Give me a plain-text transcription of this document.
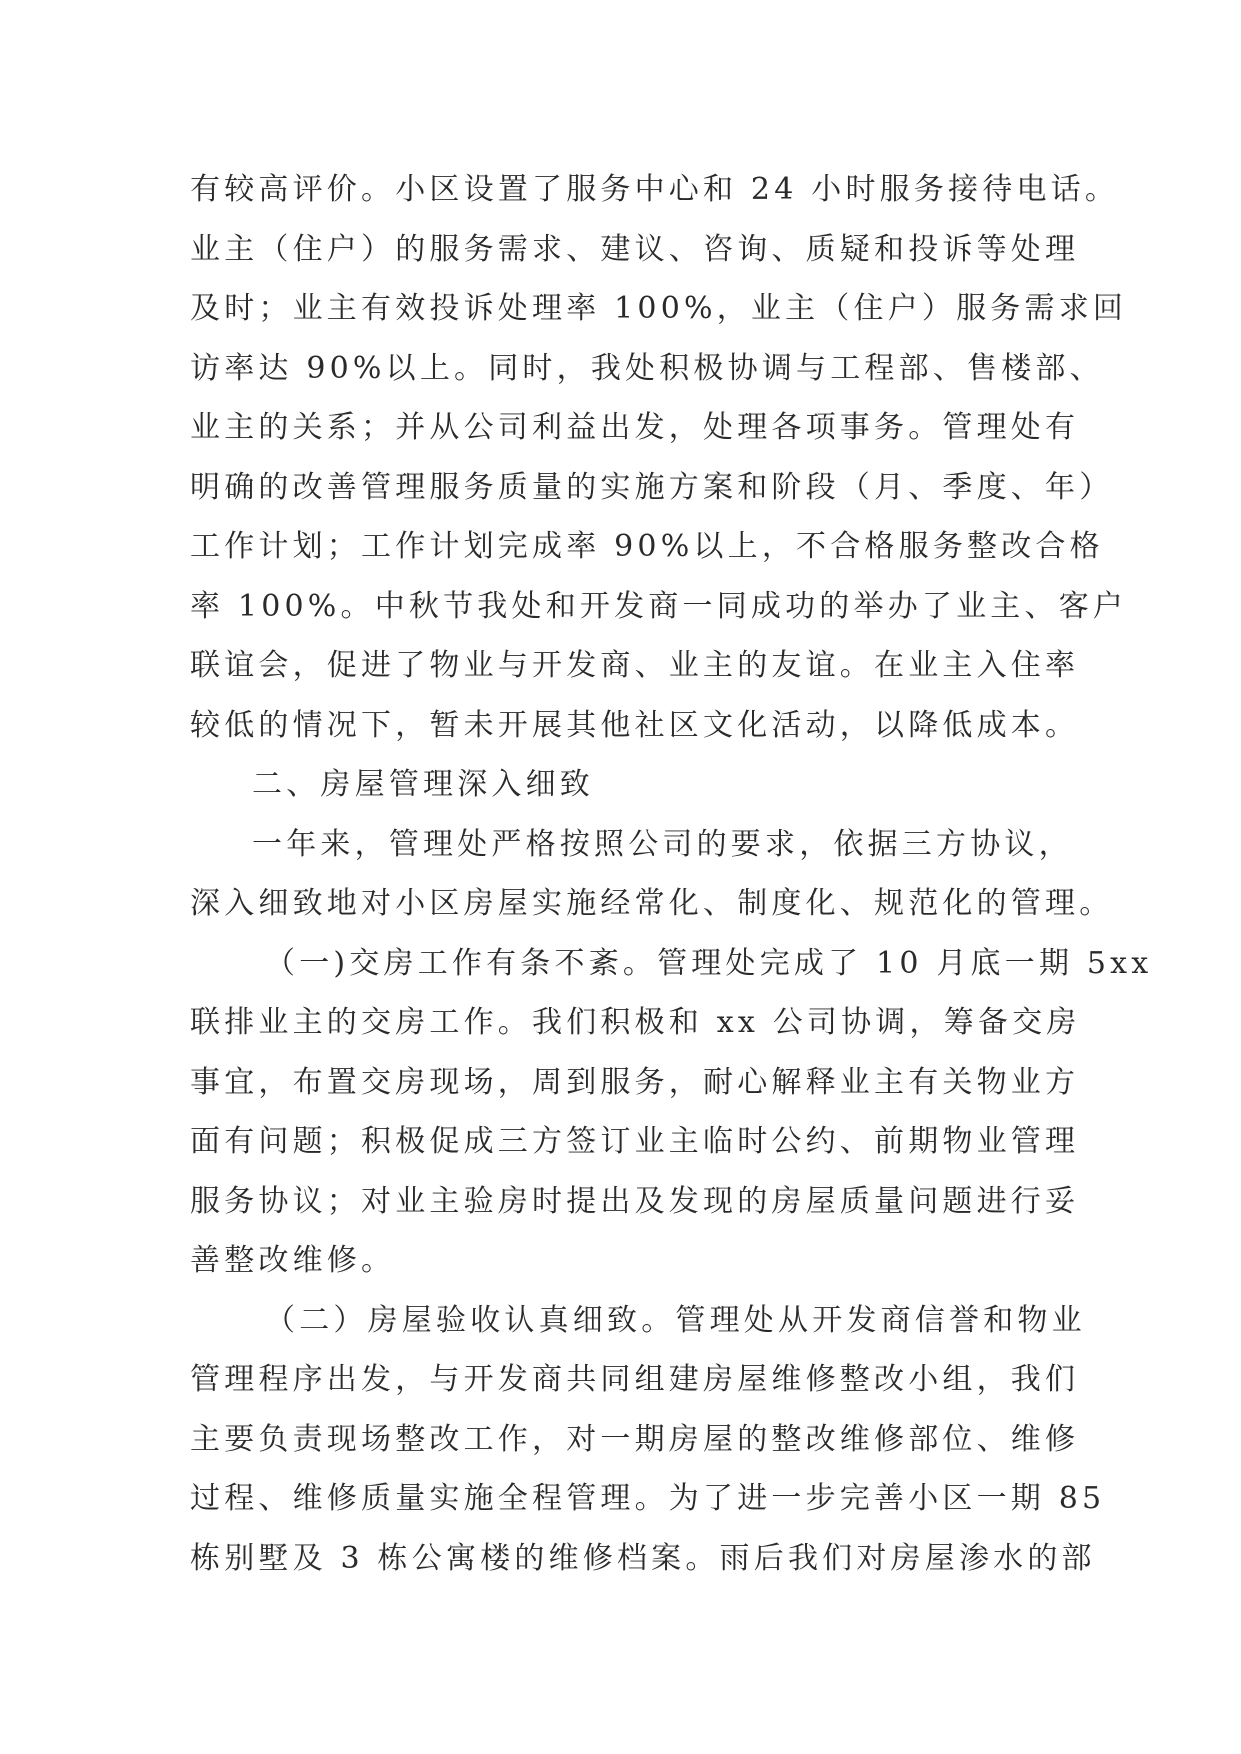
有较高评价。小区设置了服务中心和 24 小时服务接待电话。
业主（住户）的服务需求、建议、咨询、质疑和投诉等处理
及时；业主有效投诉处理率 100%，业主（住户）服务需求回
访率达 90%以上。同时，我处积极协调与工程部、售楼部、
业主的关系；并从公司利益出发，处理各项事务。管理处有
明确的改善管理服务质量的实施方案和阶段（月、季度、年）
工作计划；工作计划完成率 90%以上，不合格服务整改合格
率 100%。中秋节我处和开发商一同成功的举办了业主、客户
联谊会，促进了物业与开发商、业主的友谊。在业主入住率
较低的情况下，暂未开展其他社区文化活动，以降低成本。
二、房屋管理深入细致
一年来，管理处严格按照公司的要求，依据三方协议，
深入细致地对小区房屋实施经常化、制度化、规范化的管理。
（一)交房工作有条不紊。管理处完成了 10 月底一期 5xx
联排业主的交房工作。我们积极和 xx 公司协调，筹备交房
事宜，布置交房现场，周到服务，耐心解释业主有关物业方
面有问题；积极促成三方签订业主临时公约、前期物业管理
服务协议；对业主验房时提出及发现的房屋质量问题进行妥
善整改维修。
（二）房屋验收认真细致。管理处从开发商信誉和物业
管理程序出发，与开发商共同组建房屋维修整改小组，我们
主要负责现场整改工作，对一期房屋的整改维修部位、维修
过程、维修质量实施全程管理。为了进一步完善小区一期 85
栋别墅及 3 栋公寓楼的维修档案。雨后我们对房屋渗水的部
